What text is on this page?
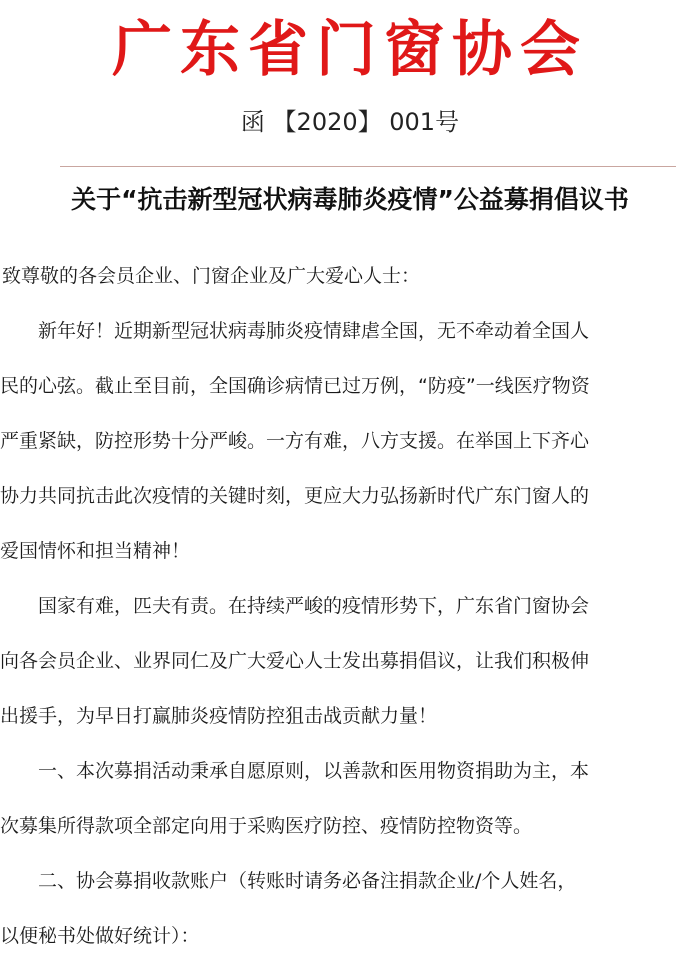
广东省门窗协会
函 【2020】 001号
关于“抗击新型冠状病毒肺炎疫情”公益募捐倡议书

致尊敬的各会员企业、门窗企业及广大爱心人士：

新年好！近期新型冠状病毒肺炎疫情肆虐全国，无不牵动着全国人

民的心弦。截止至目前，全国确诊病情已过万例，“防疫”一线医疗物资

严重紧缺，防控形势十分严峻。一方有难，八方支援。在举国上下齐心

协力共同抗击此次疫情的关键时刻，更应大力弘扬新时代广东门窗人的

爱国情怀和担当精神！

国家有难，匹夫有责。在持续严峻的疫情形势下，广东省门窗协会

向各会员企业、业界同仁及广大爱心人士发出募捐倡议，让我们积极伸

出援手，为早日打赢肺炎疫情防控狙击战贡献力量！

一、本次募捐活动秉承自愿原则，以善款和医用物资捐助为主，本

次募集所得款项全部定向用于采购医疗防控、疫情防控物资等。

二、协会募捐收款账户（转账时请务必备注捐款企业/个人姓名，

以便秘书处做好统计）：
